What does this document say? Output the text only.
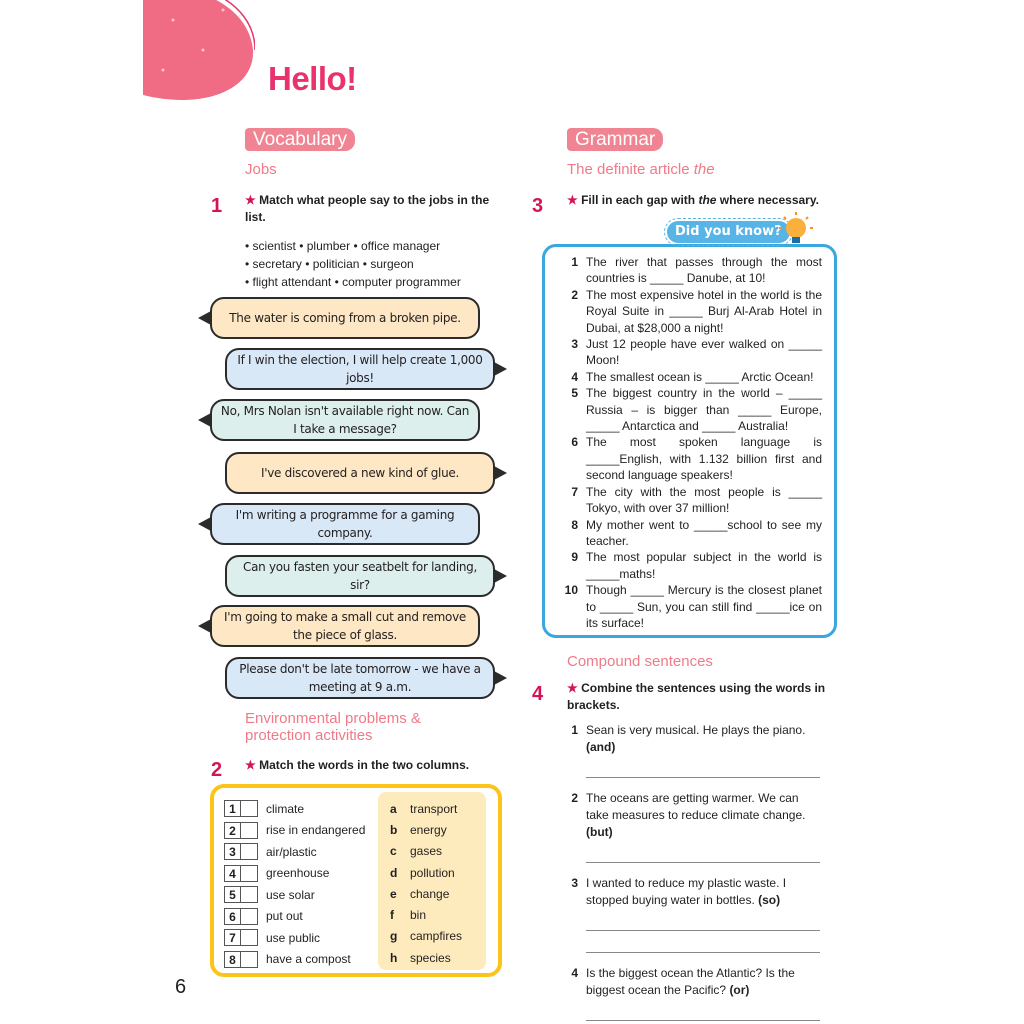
Hello!
Vocabulary
Jobs
1 ★ Match what people say to the jobs in the list.
• scientist • plumber • office manager
• secretary • politician • surgeon
• flight attendant • computer programmer
The water is coming from a broken pipe.
If I win the election, I will help create 1,000 jobs!
No, Mrs Nolan isn't available right now. Can I take a message?
I've discovered a new kind of glue.
I'm writing a programme for a gaming company.
Can you fasten your seatbelt for landing, sir?
I'm going to make a small cut and remove the piece of glass.
Please don't be late tomorrow - we have a meeting at 9 a.m.
Environmental problems & protection activities
2 ★ Match the words in the two columns.
1	climate
2	rise in endangered
3	air/plastic
4	greenhouse
5	use solar
6	put out
7	use public
8	have a compost
a	transport
b	energy
c	gases
d	pollution
e	change
f	bin
g	campfires
h	species
6
Grammar
The definite article the
3 ★ Fill in each gap with the where necessary.
Did you know?
1 The river that passes through the most countries is _____ Danube, at 10!
2 The most expensive hotel in the world is the Royal Suite in _____ Burj Al-Arab Hotel in Dubai, at $28,000 a night!
3 Just 12 people have ever walked on _____ Moon!
4 The smallest ocean is _____ Arctic Ocean!
5 The biggest country in the world – _____ Russia – is bigger than _____ Europe, _____ Antarctica and _____ Australia!
6 The most spoken language is _____English, with 1.132 billion first and second language speakers!
7 The city with the most people is _____ Tokyo, with over 37 million!
8 My mother went to _____school to see my teacher.
9 The most popular subject in the world is _____maths!
10 Though _____ Mercury is the closest planet to _____ Sun, you can still find _____ice on its surface!
Compound sentences
4 ★ Combine the sentences using the words in brackets.
1 Sean is very musical. He plays the piano. (and)
2 The oceans are getting warmer. We can take measures to reduce climate change. (but)
3 I wanted to reduce my plastic waste. I stopped buying water in bottles. (so)
4 Is the biggest ocean the Atlantic? Is the biggest ocean the Pacific? (or)
